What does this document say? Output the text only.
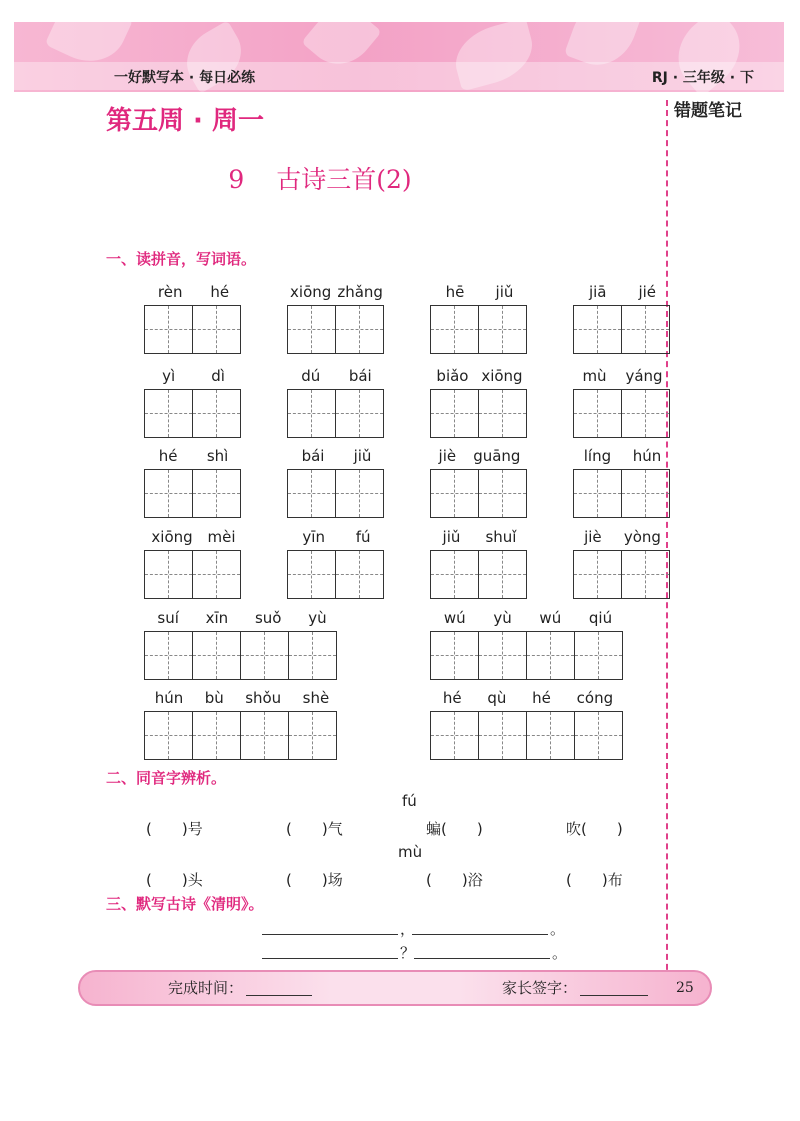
一好默写本 · 每日必练	RJ · 三年级 · 下
错题笔记
第五周 · 周一
9 古诗三首(2)
一、读拼音，写词语。
rèn hé	xiōng zhǎng	hē jiǔ	jiā jié
yì dì	dú bái	biǎo xiōng	mù yáng
hé shì	bái jiǔ	jiè guāng	líng hún
xiōng mèi	yīn fú	jiǔ shuǐ	jiè yòng
suí xīn suǒ yù	wú yù wú qiú
hún bù shǒu shè	hé qù hé cóng
二、同音字辨析。
fú
(　　)号	(　　)气	蝙(　　)	吹(　　)
mù
(　　)头	(　　)场	(　　)浴	(　　)布
三、默写古诗《清明》。
，	。
？	。
完成时间：	家长签字：	25
